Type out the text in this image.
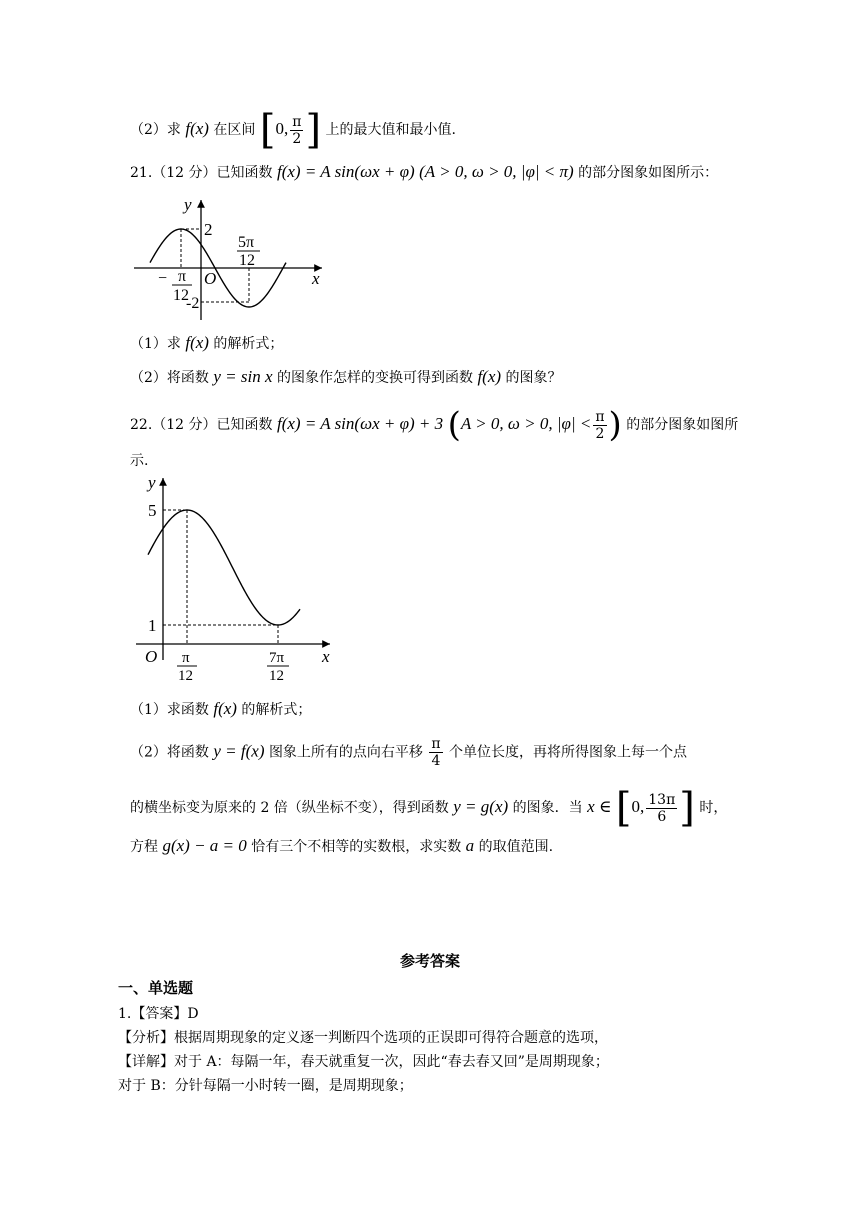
（2）求 f(x) 在区间 [0, $\frac{\pi}{2}$ ] 上的最大值和最小值.
21.（12 分）已知函数 f(x) = A sin(ωx + φ) (A > 0, ω > 0, |φ| < π) 的部分图象如图所示：
y
x
O
2
-2
− π
12
5π
12
（1）求 f(x) 的解析式；
（2）将函数 y = sin x 的图象作怎样的变换可得到函数 f(x) 的图象？
22.（12 分）已知函数 f(x) = A sin(ωx + φ) + 3 (A > 0, ω > 0, $|\varphi| < \frac{\pi}{2}$ ) 的部分图象如图所
示.
y
x
O
5
1
π
12
7π
12
（1）求函数 f(x) 的解析式；
（2）将函数 y = f(x) 图象上所有的点向右平移 $\frac{\pi}{4}$ 个单位长度，再将所得图象上每一个点
的横坐标变为原来的 2 倍（纵坐标不变），得到函数 y = g(x) 的图象．当 x ∈ [0, $\frac{13\pi}{6}$ ] 时，
方程 g(x) − a = 0 恰有三个不相等的实数根，求实数 a 的取值范围.
参考答案
一、单选题
1.【答案】D
【分析】根据周期现象的定义逐一判断四个选项的正误即可得符合题意的选项，
【详解】对于 A：每隔一年，春天就重复一次，因此“春去春又回”是周期现象；
对于 B：分针每隔一小时转一圈，是周期现象；
